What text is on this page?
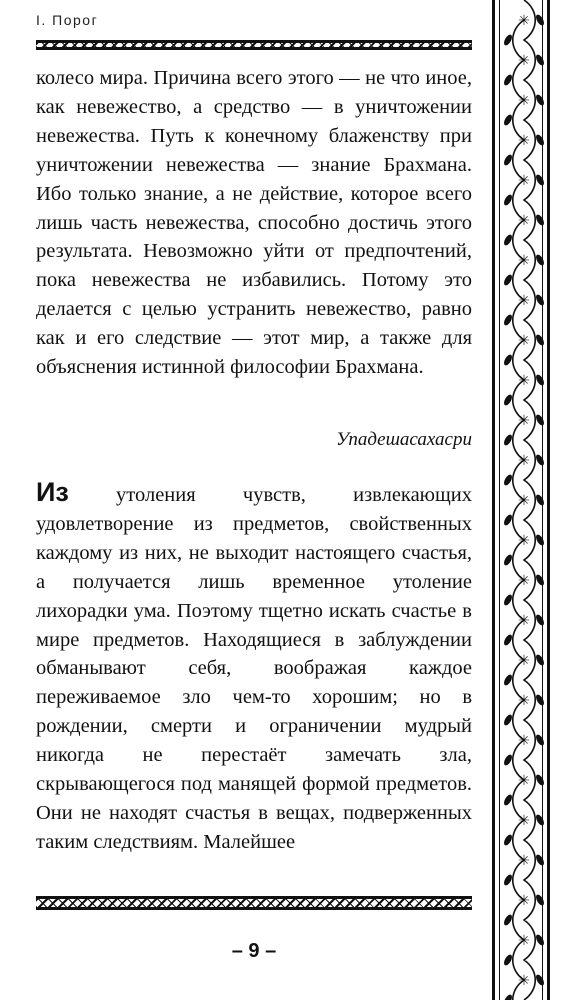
I. Порог
колесо мира. Причина всего этого — не что иное, как невежество, а средство — в уничтожении невежества. Путь к конечному блаженству при уничтожении невежества — знание Брахмана. Ибо только знание, а не действие, которое всего лишь часть невежества, способно достичь этого результата. Невозможно уйти от предпочтений, пока невежества не избавились. Потому это делается с целью устранить невежество, равно как и его следствие — этот мир, а также для объяснения истинной философии Брахмана.
Упадешасахасри
Из утоления чувств, извлекающих удовлетворение из предметов, свойственных каждому из них, не выходит настоящего счастья, а получается лишь временное утоление лихорадки ума. Поэтому тщетно искать счастье в мире предметов. Находящиеся в заблуждении обманывают себя, воображая каждое переживаемое зло чем-то хорошим; но в рождении, смерти и ограничении мудрый никогда не перестаёт замечать зла, скрывающегося под манящей формой предметов. Они не находят счастья в вещах, подверженных таким следствиям. Малейшее
– 9 –
✳
✳
✳
✳
✳
✳
✳
✳
✳
✳
✳
✳
✳
✳
✳
✳
✳
✳
✳
✳
✳
✳
✳
✳
✳
